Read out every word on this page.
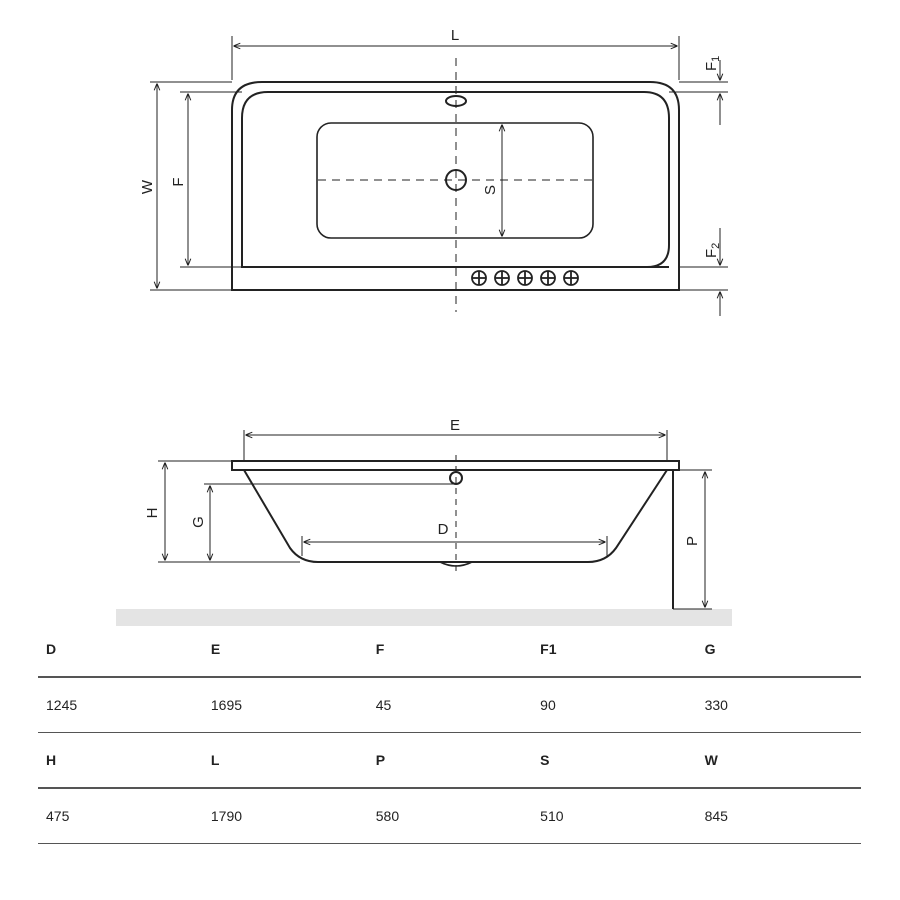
L
W F
S
$F_1$
$F_2$
E
H
G	D
P
D	E	F	F1	G
1245	1695	45	90	330
H	L	P	S	W
475	1790	580	510	845
